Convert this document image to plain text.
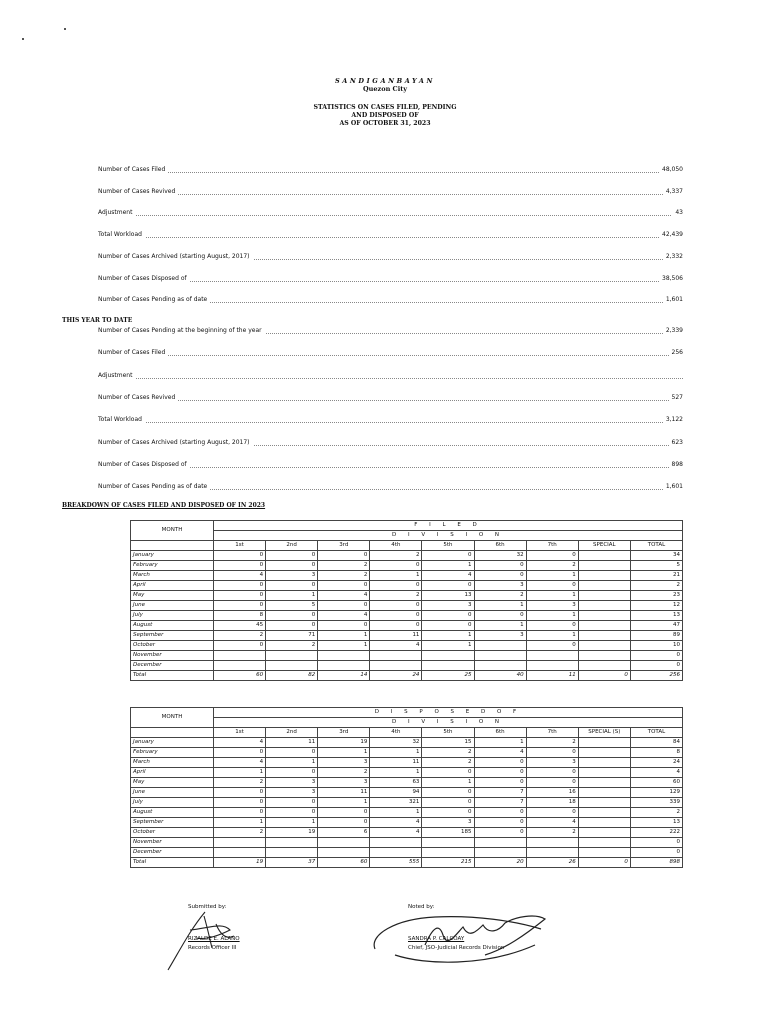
SANDIGANBAYAN
Quezon City
STATISTICS ON CASES FILED, PENDING
AND DISPOSED OF
AS OF OCTOBER 31, 2023
Number of Cases Filed	48,050
Number of Cases Revived	4,337
Adjustment	43
Total Workload	42,439
Number of Cases Archived (starting August, 2017)	2,332
Number of Cases Disposed of	38,506
Number of Cases Pending as of date	1,601
THIS YEAR TO DATE
Number of Cases Pending at the beginning of the year	2,339
Number of Cases Filed	256
Adjustment
Number of Cases Revived	527
Total Workload	3,122
Number of Cases Archived (starting August, 2017)	623
Number of Cases Disposed of	898
Number of Cases Pending as of date	1,601
BREAKDOWN OF CASES FILED AND DISPOSED OF IN 2023
MONTH	F I L E D								
	D I V I S I O N								
	1st	2nd	3rd	4th	5th	6th	7th	SPECIAL	TOTAL
January	0	0	0	2	0	32	0		34
February	0	0	2	0	1	0	2		5
March	4	3	2	1	4	0	1		21
April	0	0	0	0	0	3	0		2
May	0	1	4	2	13	2	1		23
June	0	5	0	0	3	1	3		12
July	8	0	4	0	0	0	1		13
August	45	0	0	0	0	1	0		47
September	2	71	1	11	1	3	1		89
October	0	2	1	4	1		0		10
November									0
December									0
Total	60	82	14	24	25	40	11	0	256
MONTH	D I S P O S E D O F								
	D I V I S I O N								
	1st	2nd	3rd	4th	5th	6th	7th	SPECIAL (S)	TOTAL
January	4	11	19	32	15	1	2		84
February	0	0	1	1	2	4	0		8
March	4	1	3	11	2	0	3		24
April	1	0	2	1	0	0	0		4
May	2	3	3	63	1	0	0		60
June	0	3	11	94	0	7	16		129
July	0	0	1	321	0	7	18		339
August	0	0	0	1	0	0	0		2
September	1	1	0	4	3	0	4		13
October	2	19	6	4	185	0	2		222
November									0
December									0
Total	19	37	60	555	215	20	26	0	898
Submitted by:
RIZALDE E. ALANO
Records Officer III
Noted by:
SANDRA P. CALCOAY
Chief, JSO-Judicial Records Division
